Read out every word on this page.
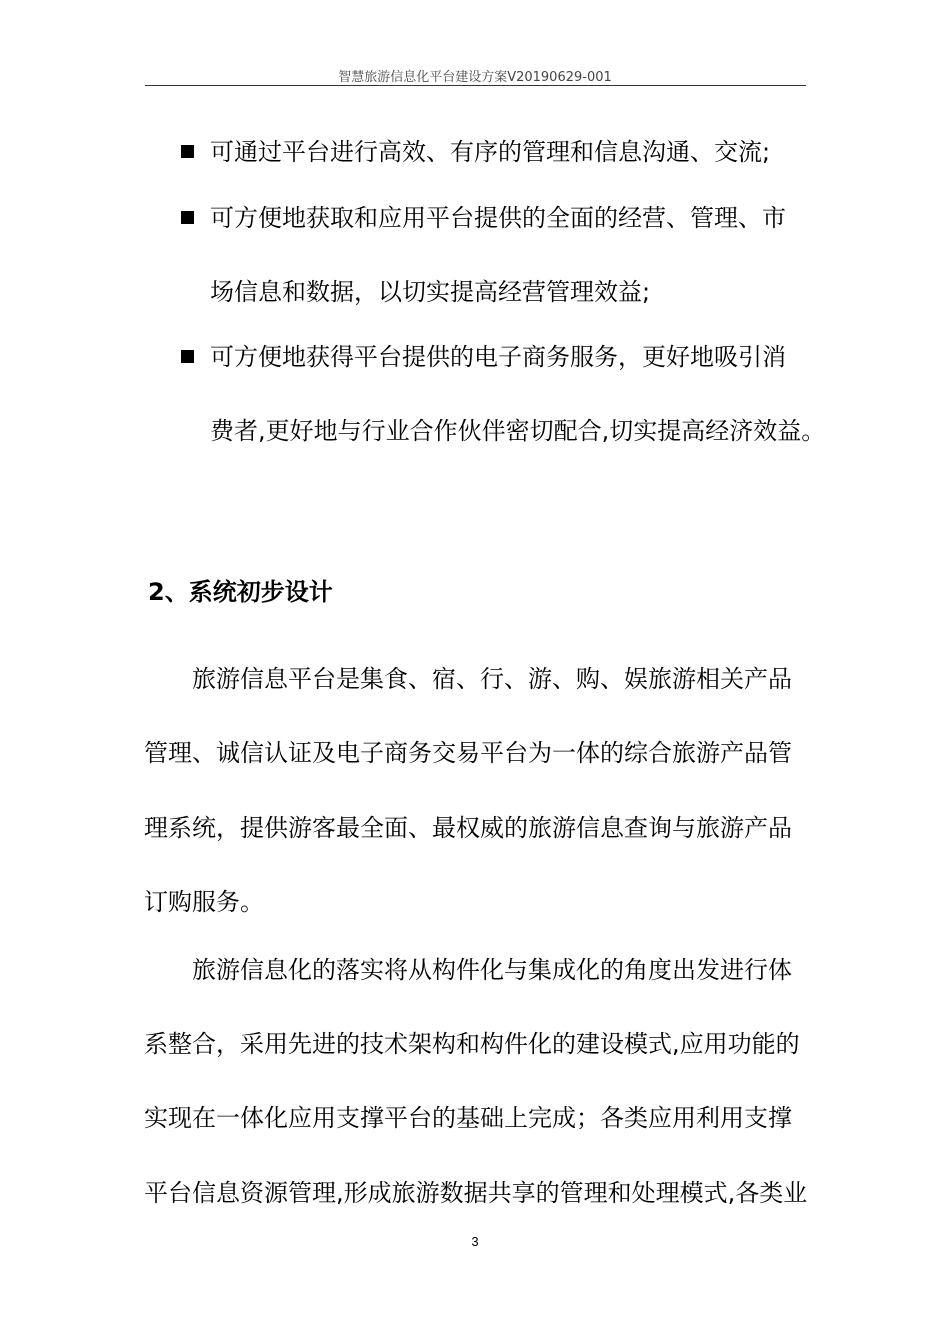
智慧旅游信息化平台建设方案V20190629-001
可通过平台进行高效、有序的管理和信息沟通、交流;
可方便地获取和应用平台提供的全面的经营、管理、市
场信息和数据，以切实提高经营管理效益;
可方便地获得平台提供的电子商务服务，更好地吸引消
费者,更好地与行业合作伙伴密切配合,切实提高经济效益。
2、系统初步设计
旅游信息平台是集食、宿、行、游、购、娱旅游相关产品
管理、诚信认证及电子商务交易平台为一体的综合旅游产品管
理系统，提供游客最全面、最权威的旅游信息查询与旅游产品
订购服务。
旅游信息化的落实将从构件化与集成化的角度出发进行体
系整合，采用先进的技术架构和构件化的建设模式,应用功能的
实现在一体化应用支撑平台的基础上完成；各类应用利用支撑
平台信息资源管理,形成旅游数据共享的管理和处理模式,各类业
3
